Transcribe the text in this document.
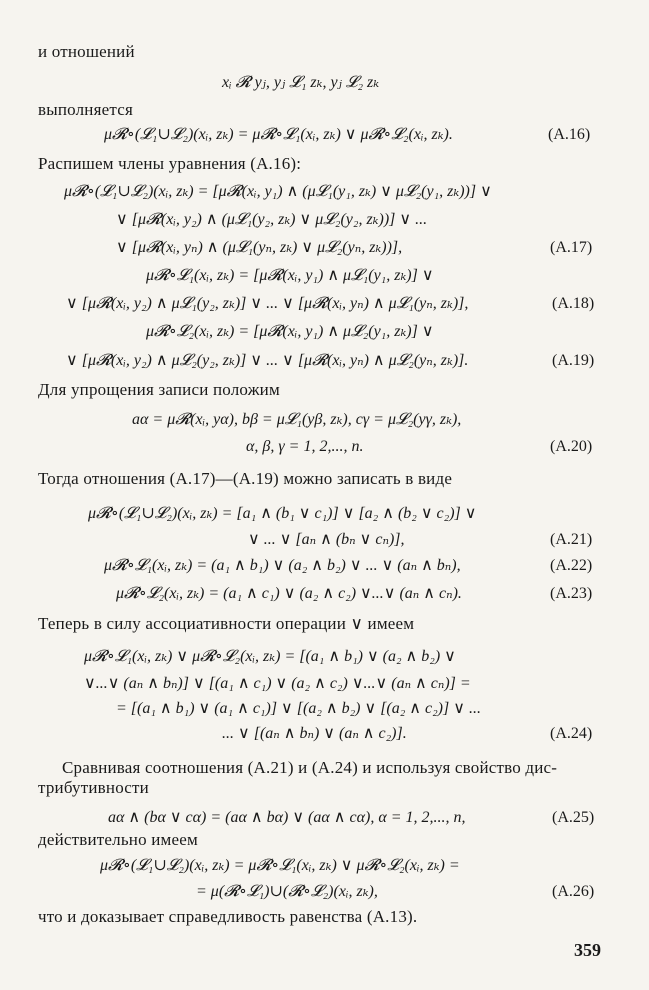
и отношений
xᵢ 𝓡 yⱼ, yⱼ 𝓛₁ zₖ, yⱼ 𝓛₂ zₖ
выполняется
μ𝓡∘(𝓛₁∪𝓛₂)(xᵢ, zₖ) = μ𝓡∘𝓛₁(xᵢ, zₖ) ∨ μ𝓡∘𝓛₂(xᵢ, zₖ).	(A.16)
Распишем члены уравнения (A.16):
μ𝓡∘(𝓛₁∪𝓛₂)(xᵢ, zₖ) = [μ𝓡(xᵢ, y₁) ∧ (μ𝓛₁(y₁, zₖ) ∨ μ𝓛₂(y₁, zₖ))] ∨
∨ [μ𝓡(xᵢ, y₂) ∧ (μ𝓛₁(y₂, zₖ) ∨ μ𝓛₂(y₂, zₖ))] ∨ ...
∨ [μ𝓡(xᵢ, yₙ) ∧ (μ𝓛₁(yₙ, zₖ) ∨ μ𝓛₂(yₙ, zₖ))],	(A.17)
μ𝓡∘𝓛₁(xᵢ, zₖ) = [μ𝓡(xᵢ, y₁) ∧ μ𝓛₁(y₁, zₖ)] ∨
∨ [μ𝓡(xᵢ, y₂) ∧ μ𝓛₁(y₂, zₖ)] ∨ ... ∨ [μ𝓡(xᵢ, yₙ) ∧ μ𝓛₁(yₙ, zₖ)],	(A.18)
μ𝓡∘𝓛₂(xᵢ, zₖ) = [μ𝓡(xᵢ, y₁) ∧ μ𝓛₂(y₁, zₖ)] ∨
∨ [μ𝓡(xᵢ, y₂) ∧ μ𝓛₂(y₂, zₖ)] ∨ ... ∨ [μ𝓡(xᵢ, yₙ) ∧ μ𝓛₂(yₙ, zₖ)].	(A.19)
Для упрощения записи положим
aα = μ𝓡(xᵢ, yα), bβ = μ𝓛₁(yβ, zₖ), cγ = μ𝓛₂(yγ, zₖ),
α, β, γ = 1, 2,..., n.	(A.20)
Тогда отношения (A.17)—(A.19) можно записать в виде
μ𝓡∘(𝓛₁∪𝓛₂)(xᵢ, zₖ) = [a₁ ∧ (b₁ ∨ c₁)] ∨ [a₂ ∧ (b₂ ∨ c₂)] ∨
∨ ... ∨ [aₙ ∧ (bₙ ∨ cₙ)],	(A.21)
μ𝓡∘𝓛₁(xᵢ, zₖ) = (a₁ ∧ b₁) ∨ (a₂ ∧ b₂) ∨ ... ∨ (aₙ ∧ bₙ),	(A.22)
μ𝓡∘𝓛₂(xᵢ, zₖ) = (a₁ ∧ c₁) ∨ (a₂ ∧ c₂) ∨...∨ (aₙ ∧ cₙ).	(A.23)
Теперь в силу ассоциативности операции ∨ имеем
μ𝓡∘𝓛₁(xᵢ, zₖ) ∨ μ𝓡∘𝓛₂(xᵢ, zₖ) = [(a₁ ∧ b₁) ∨ (a₂ ∧ b₂) ∨
∨...∨ (aₙ ∧ bₙ)] ∨ [(a₁ ∧ c₁) ∨ (a₂ ∧ c₂) ∨...∨ (aₙ ∧ cₙ)] =
= [(a₁ ∧ b₁) ∨ (a₁ ∧ c₁)] ∨ [(a₂ ∧ b₂) ∨ [(a₂ ∧ c₂)] ∨ ...
... ∨ [(aₙ ∧ bₙ) ∨ (aₙ ∧ c₂)].	(A.24)
Сравнивая соотношения (A.21) и (A.24) и используя свойство дис-
трибутивности
aα ∧ (bα ∨ cα) = (aα ∧ bα) ∨ (aα ∧ cα), α = 1, 2,..., n,	(A.25)
действительно имеем
μ𝓡∘(𝓛₁∪𝓛₂)(xᵢ, zₖ) = μ𝓡∘𝓛₁(xᵢ, zₖ) ∨ μ𝓡∘𝓛₂(xᵢ, zₖ) =
= μ(𝓡∘𝓛₁)∪(𝓡∘𝓛₂)(xᵢ, zₖ),	(A.26)
что и доказывает справедливость равенства (A.13).
359
